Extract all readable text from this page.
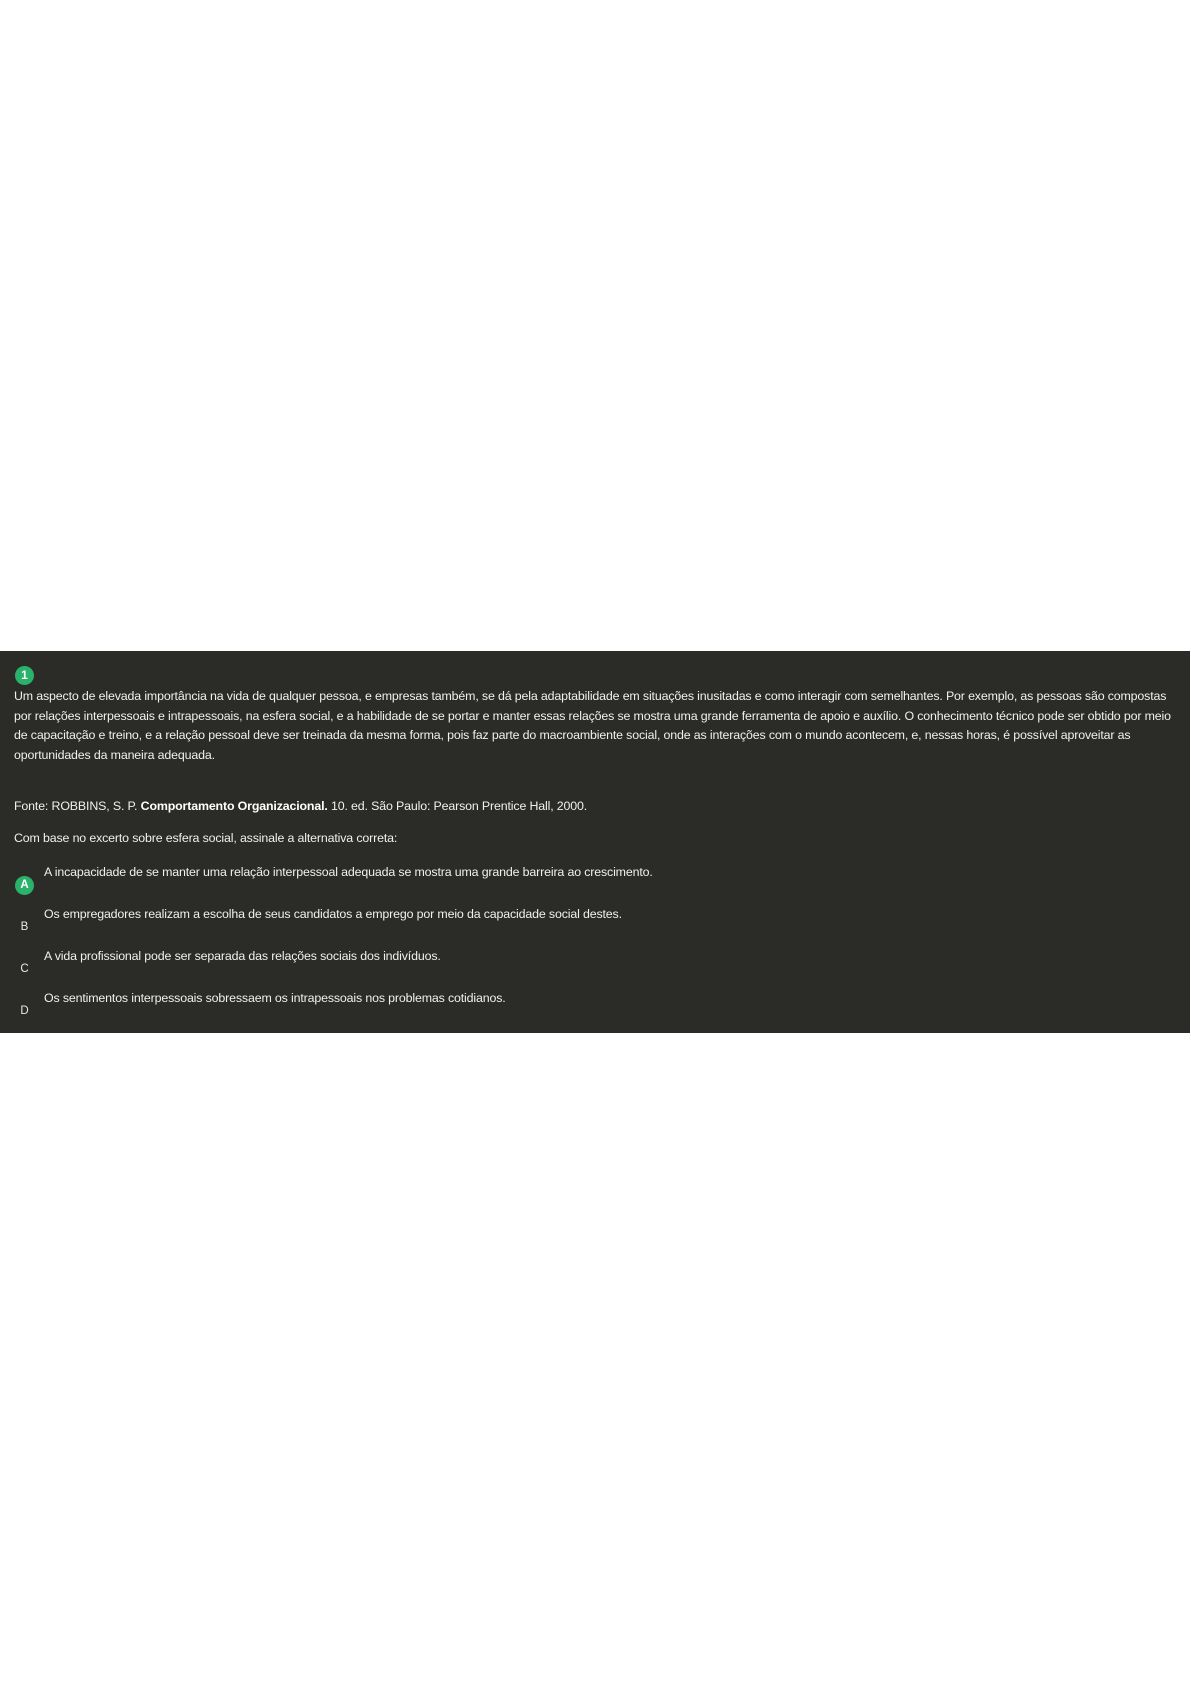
1

Um aspecto de elevada importância na vida de qualquer pessoa, e empresas também, se dá pela adaptabilidade em situações inusitadas e como interagir com semelhantes. Por exemplo, as pessoas são compostas por relações interpessoais e intrapessoais, na esfera social, e a habilidade de se portar e manter essas relações se mostra uma grande ferramenta de apoio e auxílio. O conhecimento técnico pode ser obtido por meio de capacitação e treino, e a relação pessoal deve ser treinada da mesma forma, pois faz parte do macroambiente social, onde as interações com o mundo acontecem, e, nessas horas, é possível aproveitar as oportunidades da maneira adequada.

Fonte: ROBBINS, S. P. Comportamento Organizacional. 10. ed. São Paulo: Pearson Prentice Hall, 2000.

Com base no excerto sobre esfera social, assinale a alternativa correta:

A
A incapacidade de se manter uma relação interpessoal adequada se mostra uma grande barreira ao crescimento.
B
Os empregadores realizam a escolha de seus candidatos a emprego por meio da capacidade social destes.
C
A vida profissional pode ser separada das relações sociais dos indivíduos.
D
Os sentimentos interpessoais sobressaem os intrapessoais nos problemas cotidianos.
